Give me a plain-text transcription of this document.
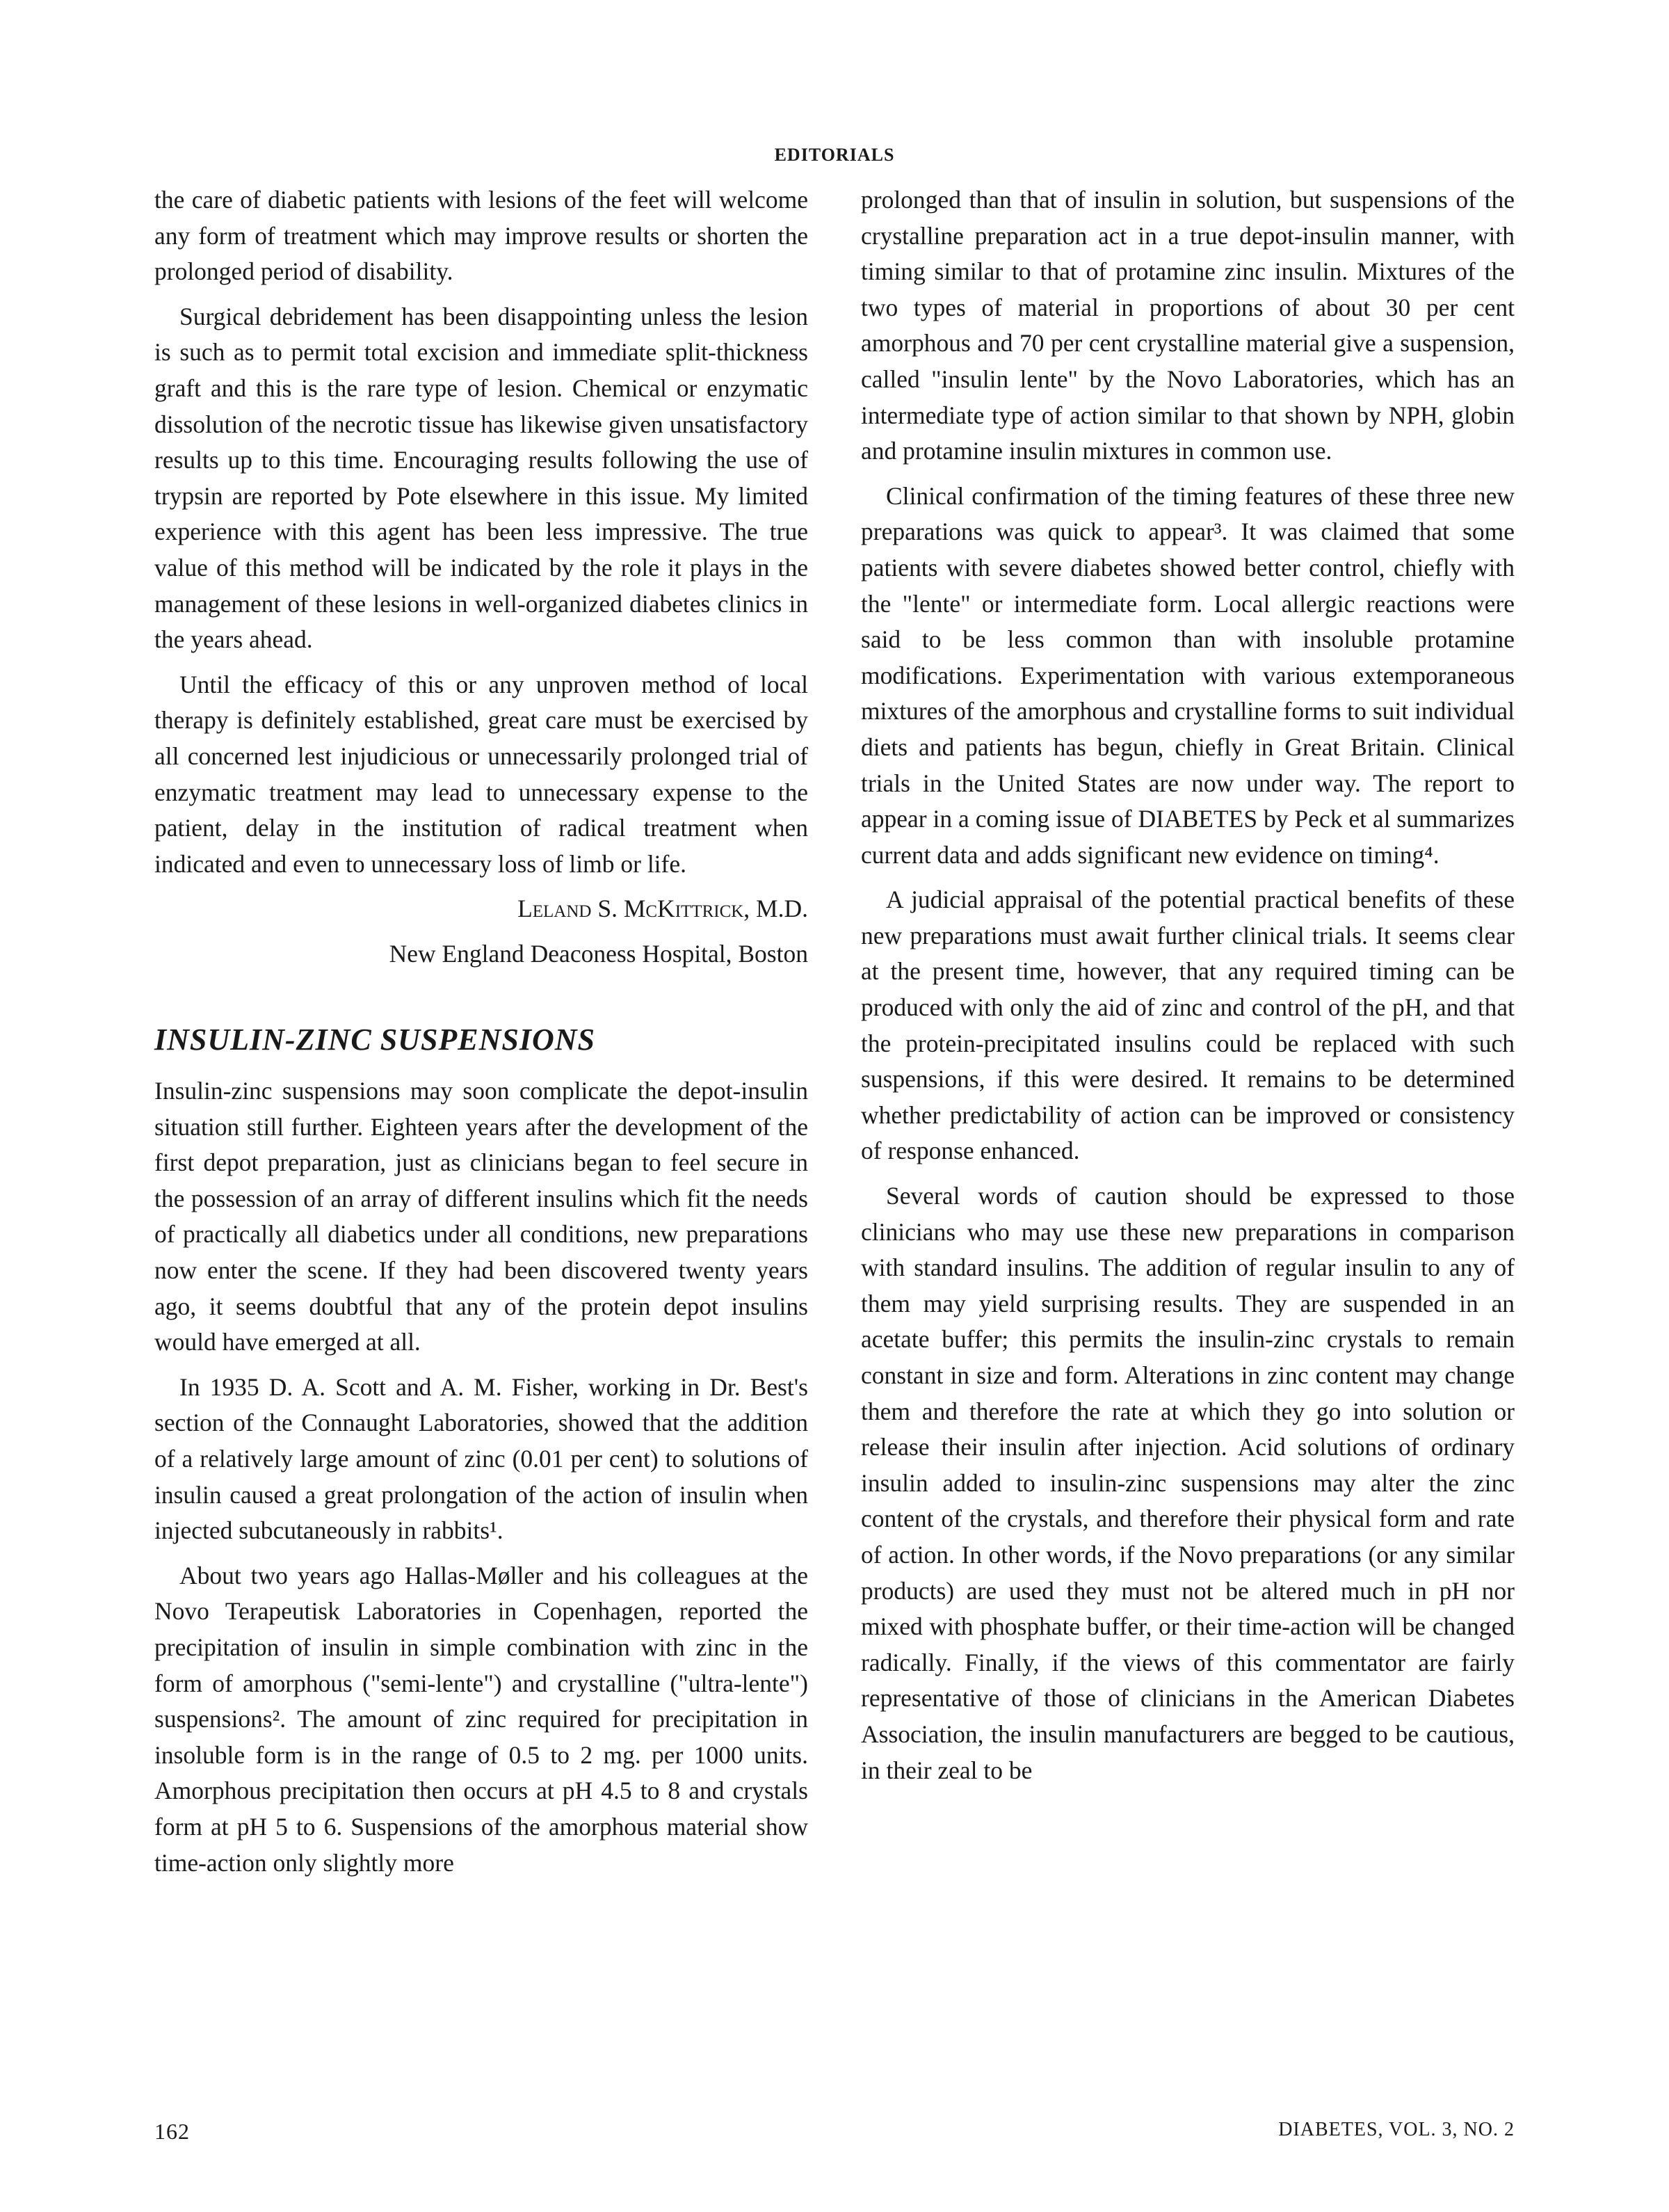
EDITORIALS

the care of diabetic patients with lesions of the feet will welcome any form of treatment which may improve results or shorten the prolonged period of disability.

Surgical debridement has been disappointing unless the lesion is such as to permit total excision and immediate split-thickness graft and this is the rare type of lesion. Chemical or enzymatic dissolution of the necrotic tissue has likewise given unsatisfactory results up to this time. Encouraging results following the use of trypsin are reported by Pote elsewhere in this issue. My limited experience with this agent has been less impressive. The true value of this method will be indicated by the role it plays in the management of these lesions in well-organized diabetes clinics in the years ahead.

Until the efficacy of this or any unproven method of local therapy is definitely established, great care must be exercised by all concerned lest injudicious or unnecessarily prolonged trial of enzymatic treatment may lead to unnecessary expense to the patient, delay in the institution of radical treatment when indicated and even to unnecessary loss of limb or life.

Leland S. McKittrick, M.D.

New England Deaconess Hospital, Boston

INSULIN-ZINC SUSPENSIONS

Insulin-zinc suspensions may soon complicate the depot-insulin situation still further. Eighteen years after the development of the first depot preparation, just as clinicians began to feel secure in the possession of an array of different insulins which fit the needs of practically all diabetics under all conditions, new preparations now enter the scene. If they had been discovered twenty years ago, it seems doubtful that any of the protein depot insulins would have emerged at all.

In 1935 D. A. Scott and A. M. Fisher, working in Dr. Best's section of the Connaught Laboratories, showed that the addition of a relatively large amount of zinc (0.01 per cent) to solutions of insulin caused a great prolongation of the action of insulin when injected subcutaneously in rabbits¹.

About two years ago Hallas-Møller and his colleagues at the Novo Terapeutisk Laboratories in Copenhagen, reported the precipitation of insulin in simple combination with zinc in the form of amorphous ("semi-lente") and crystalline ("ultra-lente") suspensions². The amount of zinc required for precipitation in insoluble form is in the range of 0.5 to 2 mg. per 1000 units. Amorphous precipitation then occurs at pH 4.5 to 8 and crystals form at pH 5 to 6. Suspensions of the amorphous material show time-action only slightly more

prolonged than that of insulin in solution, but suspensions of the crystalline preparation act in a true depot-insulin manner, with timing similar to that of protamine zinc insulin. Mixtures of the two types of material in proportions of about 30 per cent amorphous and 70 per cent crystalline material give a suspension, called "insulin lente" by the Novo Laboratories, which has an intermediate type of action similar to that shown by NPH, globin and protamine insulin mixtures in common use.

Clinical confirmation of the timing features of these three new preparations was quick to appear³. It was claimed that some patients with severe diabetes showed better control, chiefly with the "lente" or intermediate form. Local allergic reactions were said to be less common than with insoluble protamine modifications. Experimentation with various extemporaneous mixtures of the amorphous and crystalline forms to suit individual diets and patients has begun, chiefly in Great Britain. Clinical trials in the United States are now under way. The report to appear in a coming issue of DIABETES by Peck et al summarizes current data and adds significant new evidence on timing⁴.

A judicial appraisal of the potential practical benefits of these new preparations must await further clinical trials. It seems clear at the present time, however, that any required timing can be produced with only the aid of zinc and control of the pH, and that the protein-precipitated insulins could be replaced with such suspensions, if this were desired. It remains to be determined whether predictability of action can be improved or consistency of response enhanced.

Several words of caution should be expressed to those clinicians who may use these new preparations in comparison with standard insulins. The addition of regular insulin to any of them may yield surprising results. They are suspended in an acetate buffer; this permits the insulin-zinc crystals to remain constant in size and form. Alterations in zinc content may change them and therefore the rate at which they go into solution or release their insulin after injection. Acid solutions of ordinary insulin added to insulin-zinc suspensions may alter the zinc content of the crystals, and therefore their physical form and rate of action. In other words, if the Novo preparations (or any similar products) are used they must not be altered much in pH nor mixed with phosphate buffer, or their time-action will be changed radically. Finally, if the views of this commentator are fairly representative of those of clinicians in the American Diabetes Association, the insulin manufacturers are begged to be cautious, in their zeal to be

162	DIABETES, VOL. 3, NO. 2
